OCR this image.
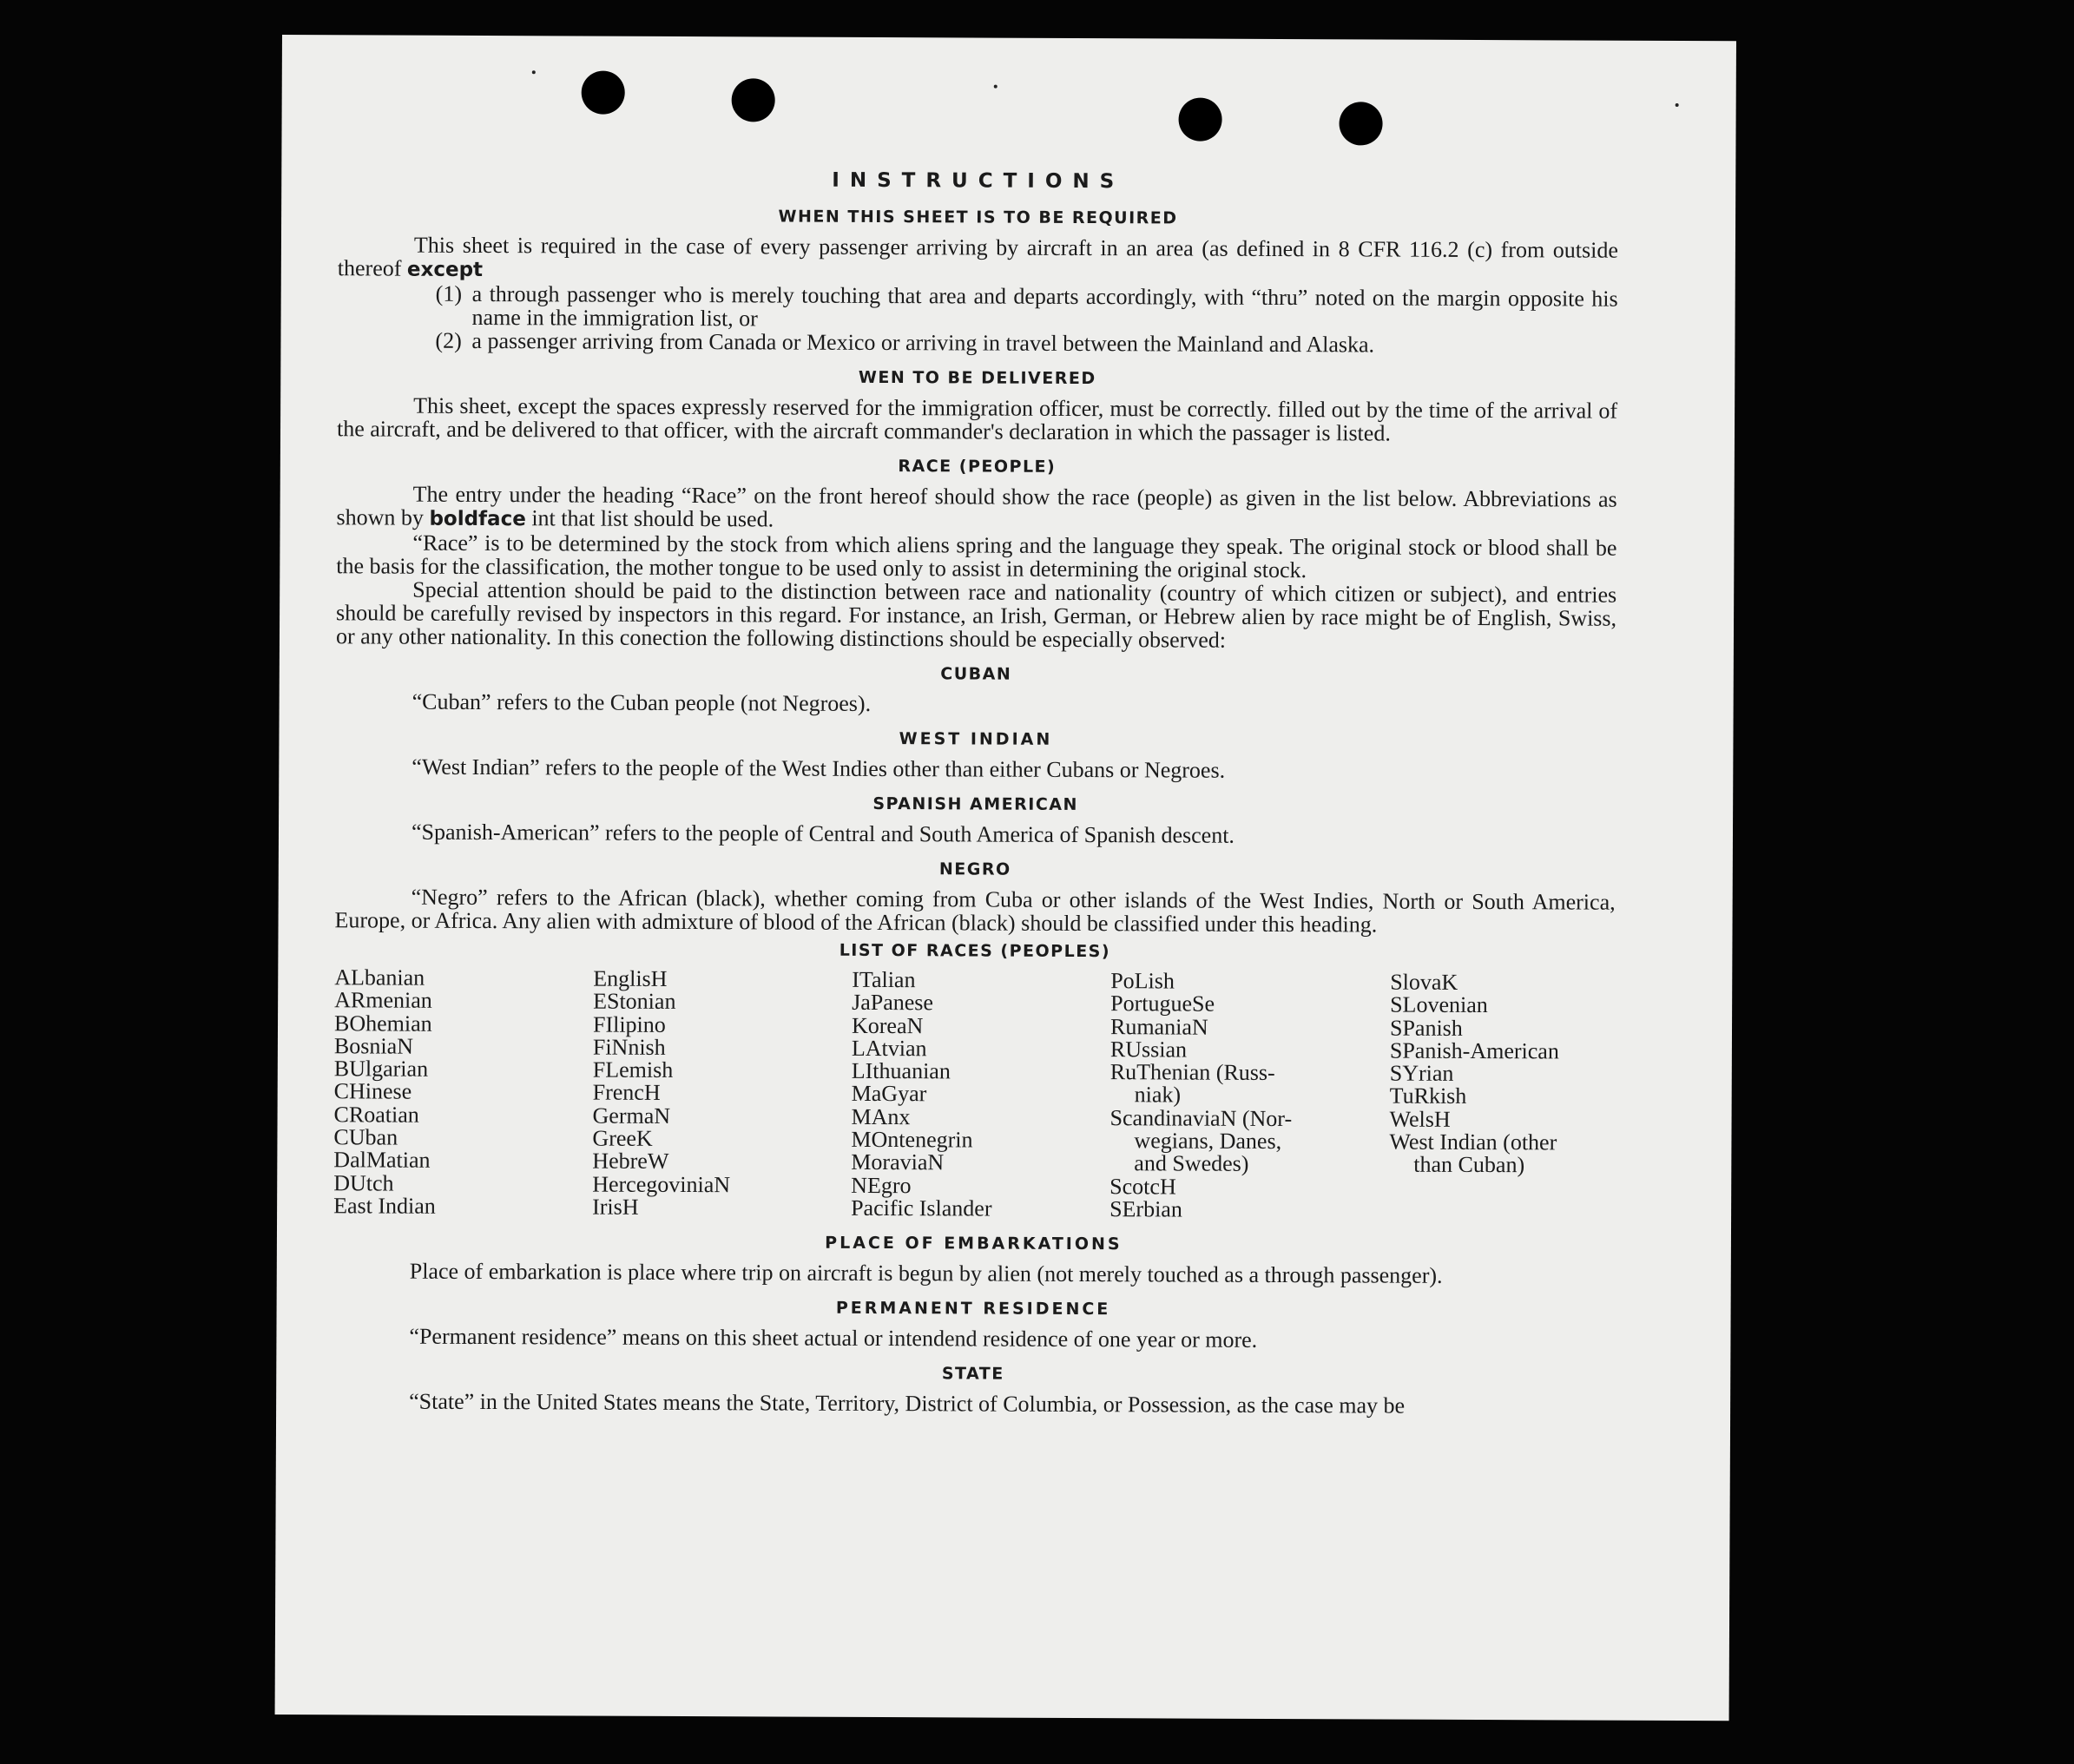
INSTRUCTIONS
WHEN THIS SHEET IS TO BE REQUIRED

This sheet is required in the case of every passenger arriving by aircraft in an area (as defined in 8 CFR 116.2 (c) from outside thereof except

(1) a through passenger who is merely touching that area and departs accordingly, with “thru” noted on the margin opposite his name in the immigration list, or
(2) a passenger arriving from Canada or Mexico or arriving in travel between the Mainland and Alaska.
WEN TO BE DELIVERED

This sheet, except the spaces expressly reserved for the immigration officer, must be correctly. filled out by the time of the arrival of the aircraft, and be delivered to that officer, with the aircraft commander's declaration in which the passager is listed.

RACE (PEOPLE)

The entry under the heading “Race” on the front hereof should show the race (people) as given in the list below. Abbreviations as shown by boldface int that list should be used.

“Race” is to be determined by the stock from which aliens spring and the language they speak. The original stock or blood shall be the basis for the classification, the mother tongue to be used only to assist in determining the original stock.

Special attention should be paid to the distinction between race and nationality (country of which citizen or subject), and entries should be carefully revised by inspectors in this regard. For instance, an Irish, German, or Hebrew alien by race might be of English, Swiss, or any other nationality. In this conection the following distinctions should be especially observed:

CUBAN

“Cuban” refers to the Cuban people (not Negroes).

WEST INDIAN

“West Indian” refers to the people of the West Indies other than either Cubans or Negroes.

SPANISH AMERICAN

“Spanish-American” refers to the people of Central and South America of Spanish descent.

NEGRO

“Negro” refers to the African (black), whether coming from Cuba or other islands of the West Indies, North or South America, Europe, or Africa. Any alien with admixture of blood of the African (black) should be classified under this heading.

LIST OF RACES (PEOPLES)
ALbanian
ARmenian
BOhemian
BosniaN
BUlgarian
CHinese
CRoatian
CUban
DalMatian
DUtch
East Indian
EnglisH
EStonian
FIlipino
FiNnish
FLemish
FrencH
GermaN
GreeK
HebreW
HercegoviniaN
IrisH
ITalian
JaPanese
KoreaN
LAtvian
LIthuanian
MaGyar
MAnx
MOntenegrin
MoraviaN
NEgro
Pacific Islander
PoLish
PortugueSe
RumaniaN
RUssian
RuThenian (Russ-
niak)
ScandinaviaN (Nor-
wegians, Danes,
and Swedes)
ScotcH
SErbian
SlovaK
SLovenian
SPanish
SPanish-American
SYrian
TuRkish
WelsH
West Indian (other
than Cuban)
PLACE OF EMBARKATIONS

Place of embarkation is place where trip on aircraft is begun by alien (not merely touched as a through passenger).

PERMANENT RESIDENCE

“Permanent residence” means on this sheet actual or intendend residence of one year or more.

STATE

“State” in the United States means the State, Territory, District of Columbia, or Possession, as the case may be
